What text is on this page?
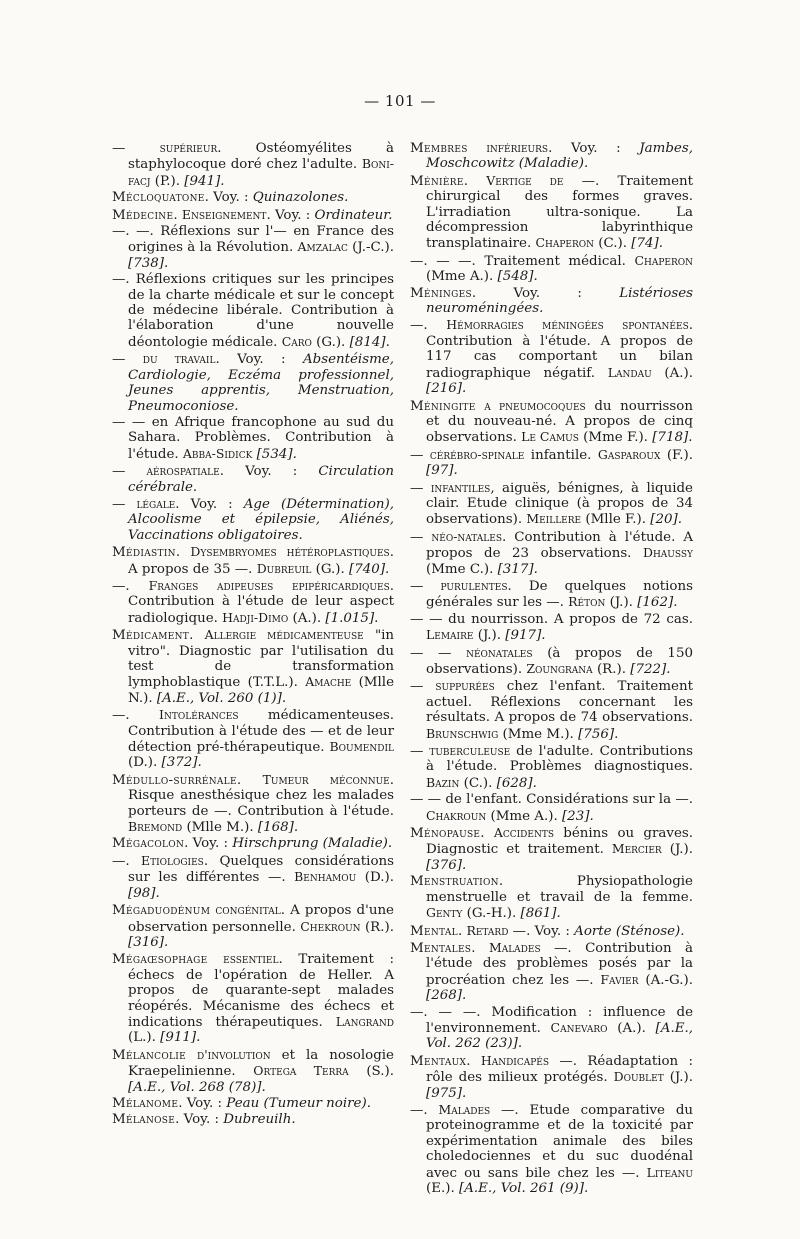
— 101 —

— supérieur. Ostéomyélites à staphylocoque doré chez l'adulte. Boni-facj (P.). [941].

Mécloquatone. Voy. : Quinazolones.

Médecine. Enseignement. Voy. : Ordinateur.

—. —. Réflexions sur l'— en France des origines à la Révolution. Amzalac (J.-C.). [738].

—. Réflexions critiques sur les principes de la charte médicale et sur le concept de médecine libérale. Contribution à l'élaboration d'une nouvelle déontologie médicale. Caro (G.). [814].

— du travail. Voy. : Absentéisme, Cardiologie, Eczéma professionnel, Jeunes apprentis, Menstruation, Pneumoconiose.

— — en Afrique francophone au sud du Sahara. Problèmes. Contribution à l'étude. Abba-Sidick [534].

— aérospatiale. Voy. : Circulation cérébrale.

— légale. Voy. : Age (Détermination), Alcoolisme et épilepsie, Aliénés, Vaccinations obligatoires.

Médiastin. Dysembryomes hétéroplastiques. A propos de 35 —. Dubreuil (G.). [740].

—. Franges adipeuses epipéricardiques. Contribution à l'étude de leur aspect radiologique. Hadji-Dimo (A.). [1.015].

Médicament. Allergie médicamenteuse "in vitro". Diagnostic par l'utilisation du test de transformation lymphoblastique (T.T.L.). Amache (Mlle N.). [A.E., Vol. 260 (1)].

—. Intolérances médicamenteuses. Contribution à l'étude des — et de leur détection pré-thérapeutique. Boumendil (D.). [372].

Médullo-surrénale. Tumeur méconnue. Risque anesthésique chez les malades porteurs de —. Contribution à l'étude. Bremond (Mlle M.). [168].

Mégacolon. Voy. : Hirschprung (Maladie).

—. Etiologies. Quelques considérations sur les différentes —. Benhamou (D.). [98].

Mégaduodénum congénital. A propos d'une observation personnelle. Chekroun (R.). [316].

Mégaœsophage essentiel. Traitement : échecs de l'opération de Heller. A propos de quarante-sept malades réopérés. Mécanisme des échecs et indications thérapeutiques. Langrand (L.). [911].

Mélancolie d'involution et la nosologie Kraepelinienne. Ortega Terra (S.). [A.E., Vol. 268 (78)].

Mélanome. Voy. : Peau (Tumeur noire).

Mélanose. Voy. : Dubreuilh.

Membres inférieurs. Voy. : Jambes, Moschcowitz (Maladie).

Ménière. Vertige de —. Traitement chirurgical des formes graves. L'irradiation ultra-sonique. La décompression labyrinthique transplatinaire. Chaperon (C.). [74].

—. — —. Traitement médical. Chaperon (Mme A.). [548].

Méninges. Voy. : Listérioses neuroméningées.

—. Hémorragies méningées spontanées. Contribution à l'étude. A propos de 117 cas comportant un bilan radiographique négatif. Landau (A.). [216].

Méningite a pneumocoques du nourrisson et du nouveau-né. A propos de cinq observations. Le Camus (Mme F.). [718].

— cérébro-spinale infantile. Gasparoux (F.). [97].

— infantiles, aiguës, bénignes, à liquide clair. Etude clinique (à propos de 34 observations). Meillere (Mlle F.). [20].

— néo-natales. Contribution à l'étude. A propos de 23 observations. Dhaussy (Mme C.). [317].

— purulentes. De quelques notions générales sur les —. Réton (J.). [162].

— — du nourrisson. A propos de 72 cas. Lemaire (J.). [917].

— — néonatales (à propos de 150 observations). Zoungrana (R.). [722].

— suppurées chez l'enfant. Traitement actuel. Réflexions concernant les résultats. A propos de 74 observations. Brunschwig (Mme M.). [756].

— tuberculeuse de l'adulte. Contributions à l'étude. Problèmes diagnostiques. Bazin (C.). [628].

— — de l'enfant. Considérations sur la —. Chakroun (Mme A.). [23].

Ménopause. Accidents bénins ou graves. Diagnostic et traitement. Mercier (J.). [376].

Menstruation. Physiopathologie menstruelle et travail de la femme. Genty (G.-H.). [861].

Mental. Retard —. Voy. : Aorte (Sténose).

Mentales. Malades —. Contribution à l'étude des problèmes posés par la procréation chez les —. Favier (A.-G.). [268].

—. — —. Modification : influence de l'environnement. Canevaro (A.). [A.E., Vol. 262 (23)].

Mentaux. Handicapés —. Réadaptation : rôle des milieux protégés. Doublet (J.). [975].

—. Malades —. Etude comparative du proteinogramme et de la toxicité par expérimentation animale des biles choledociennes et du suc duodénal avec ou sans bile chez les —. Liteanu (E.). [A.E., Vol. 261 (9)].
